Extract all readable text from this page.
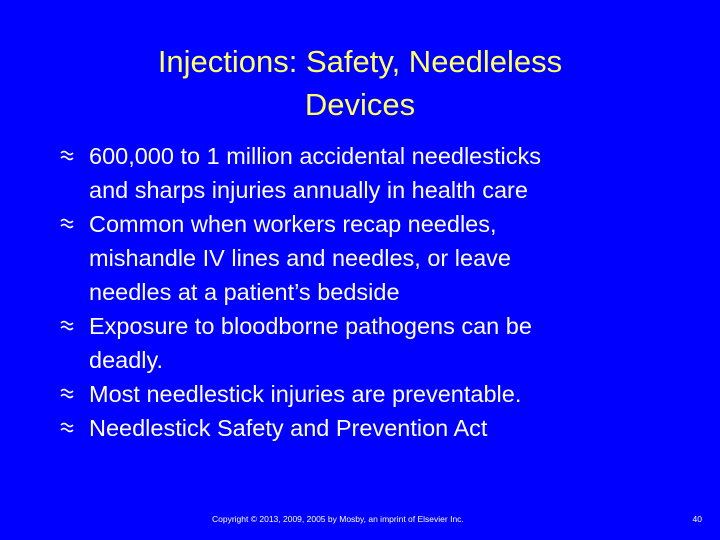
Injections: Safety, Needleless
Devices
600,000 to 1 million accidental needlesticks
and sharps injuries annually in health care
Common when workers recap needles,
mishandle IV lines and needles, or leave
needles at a patient’s bedside
Exposure to bloodborne pathogens can be
deadly.
Most needlestick injuries are preventable.
Needlestick Safety and Prevention Act
Copyright © 2013, 2009, 2005 by Mosby, an imprint of Elsevier Inc.	40
